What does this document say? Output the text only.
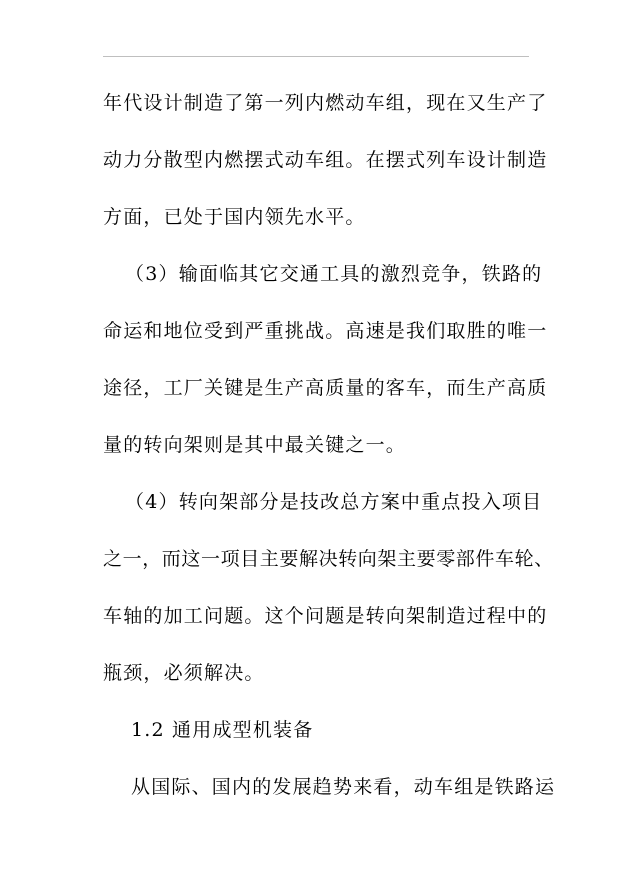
年代设计制造了第一列内燃动车组，现在又生产了
动力分散型内燃摆式动车组。在摆式列车设计制造
方面，已处于国内领先水平。
（3）输面临其它交通工具的激烈竞争，铁路的
命运和地位受到严重挑战。高速是我们取胜的唯一
途径，工厂关键是生产高质量的客车，而生产高质
量的转向架则是其中最关键之一。
（4）转向架部分是技改总方案中重点投入项目
之一，而这一项目主要解决转向架主要零部件车轮、
车轴的加工问题。这个问题是转向架制造过程中的
瓶颈，必须解决。
1.2 通用成型机装备
从国际、国内的发展趋势来看，动车组是铁路运
